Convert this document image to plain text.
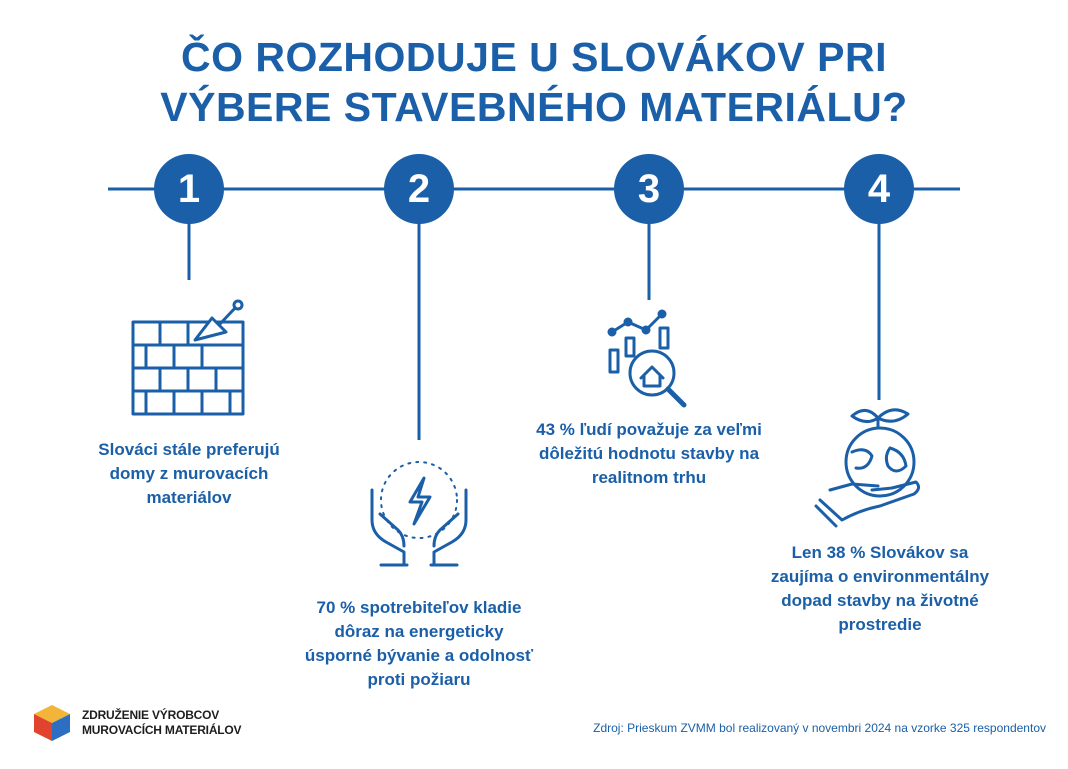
ČO ROZHODUJE U SLOVÁKOV PRI
VÝBERE STAVEBNÉHO MATERIÁLU?
1	2	3	4
Slováci stále preferujú
domy z murovacích
materiálov
70 % spotrebiteľov kladie
dôraz na energeticky
úsporné bývanie a odolnosť
proti požiaru
43 % ľudí považuje za veľmi
dôležitú hodnotu stavby na
realitnom trhu
Len 38 % Slovákov sa
zaujíma o environmentálny
dopad stavby na životné
prostredie
ZDRUŽENIE VÝROBCOV
MUROVACÍCH MATERIÁLOV	Zdroj: Prieskum ZVMM bol realizovaný v novembri 2024 na vzorke 325 respondentov
